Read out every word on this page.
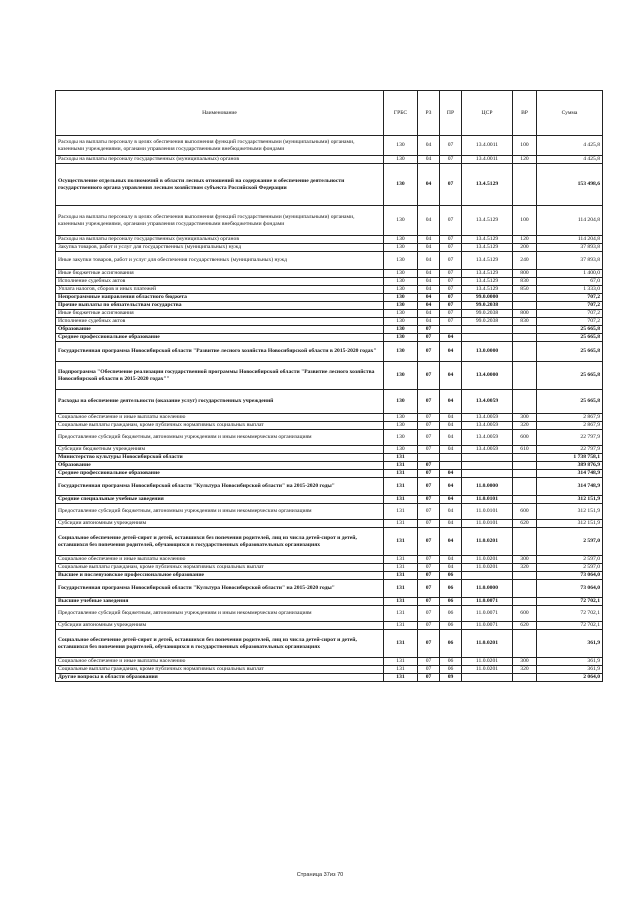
Наименование	ГРБС	РЗ	ПР	ЦСР	ВР	Сумма
Расходы на выплаты персоналу в целях обеспечения выполнения функций государственными (муниципальными) органами, казенными учреждениями, органами управления государственными внебюджетными фондами	130	04	07	13.4.0011	100	4 425,8
Расходы на выплаты персоналу государственных (муниципальных) органов	130	04	07	13.4.0011	120	4 425,8
Осуществление отдельных полномочий в области лесных отношений на содержание и обеспечение деятельности государственного органа управления лесным хозяйством субъекта Российской Федерации	130	04	07	13.4.5129		153 498,6
Расходы на выплаты персоналу в целях обеспечения выполнения функций государственными (муниципальными) органами, казенными учреждениями, органами управления государственными внебюджетными фондами	130	04	07	13.4.5129	100	114 204,8
Расходы на выплаты персоналу государственных (муниципальных) органов	130	04	07	13.4.5129	120	114 204,8
Закупка товаров, работ и услуг для государственных (муниципальных) нужд	130	04	07	13.4.5129	200	37 893,8
Иные закупки товаров, работ и услуг для обеспечения государственных (муниципальных) нужд	130	04	07	13.4.5129	240	37 893,8
Иные бюджетные ассигнования	130	04	07	13.4.5129	800	1 400,0
Исполнение судебных актов	130	04	07	13.4.5129	830	67,0
Уплата налогов, сборов и иных платежей	130	04	07	13.4.5129	850	1 333,0
Непрограммные направления областного бюджета	130	04	07	99.0.0000		707,2
Прочие выплаты по обязательствам государства	130	04	07	99.0.2038		707,2
Иные бюджетные ассигнования	130	04	07	99.0.2038	800	707,2
Исполнение судебных актов	130	04	07	99.0.2038	830	707,2
Образование	130	07				25 665,8
Среднее профессиональное образование	130	07	04			25 665,8
Государственная программа Новосибирской области "Развитие лесного хозяйства Новосибирской области в 2015-2020 годах"	130	07	04	13.0.0000		25 665,8
Подпрограмма "Обеспечение реализации государственной программы Новосибирской области "Развитие лесного хозяйства Новосибирской области в 2015-2020 годах""	130	07	04	13.4.0000		25 665,8
Расходы на обеспечение деятельности (оказание услуг) государственных учреждений	130	07	04	13.4.0059		25 665,8
Социальное обеспечение и иные выплаты населению	130	07	04	13.4.0059	300	2 867,9
Социальные выплаты гражданам, кроме публичных нормативных социальных выплат	130	07	04	13.4.0059	320	2 867,9
Предоставление субсидий бюджетным, автономным учреждениям и иным некоммерческим организациям	130	07	04	13.4.0059	600	22 797,9
Субсидии бюджетным учреждениям	130	07	04	13.4.0059	610	22 797,9
Министерство культуры Новосибирской области	131					1 738 758,1
Образование	131	07				389 876,9
Среднее профессиональное образование	131	07	04			314 748,9
Государственная программа Новосибирской области "Культура Новосибирской области" на 2015-2020 годы"	131	07	04	11.0.0000		314 748,9
Средние специальные учебные заведения	131	07	04	11.0.0101		312 151,9
Предоставление субсидий бюджетным, автономным учреждениям и иным некоммерческим организациям	131	07	04	11.0.0101	600	312 151,9
Субсидии автономным учреждениям	131	07	04	11.0.0101	620	312 151,9
Социальное обеспечение детей-сирот и детей, оставшихся без попечения родителей, лиц из числа детей-сирот и детей, оставшихся без попечения родителей, обучающихся в государственных образовательных организациях	131	07	04	11.0.0201		2 597,0
Социальное обеспечение и иные выплаты населению	131	07	04	11.0.0201	300	2 597,0
Социальные выплаты гражданам, кроме публичных нормативных социальных выплат	131	07	04	11.0.0201	320	2 597,0
Высшее и послевузовское профессиональное образование	131	07	06			73 064,0
Государственная программа Новосибирской области "Культура Новосибирской области" на 2015-2020 годы"	131	07	06	11.0.0000		73 064,0
Высшие учебные заведения	131	07	06	11.0.0071		72 702,1
Предоставление субсидий бюджетным, автономным учреждениям и иным некоммерческим организациям	131	07	06	11.0.0071	600	72 702,1
Субсидии автономным учреждениям	131	07	06	11.0.0071	620	72 702,1
Социальное обеспечение детей-сирот и детей, оставшихся без попечения родителей, лиц из числа детей-сирот и детей, оставшихся без попечения родителей, обучающихся в государственных образовательных организациях	131	07	06	11.0.0201		361,9
Социальное обеспечение и иные выплаты населению	131	07	06	11.0.0201	300	361,9
Социальные выплаты гражданам, кроме публичных нормативных социальных выплат	131	07	06	11.0.0201	320	361,9
Другие вопросы в области образования	131	07	09			2 064,0
Страница 37из 70
